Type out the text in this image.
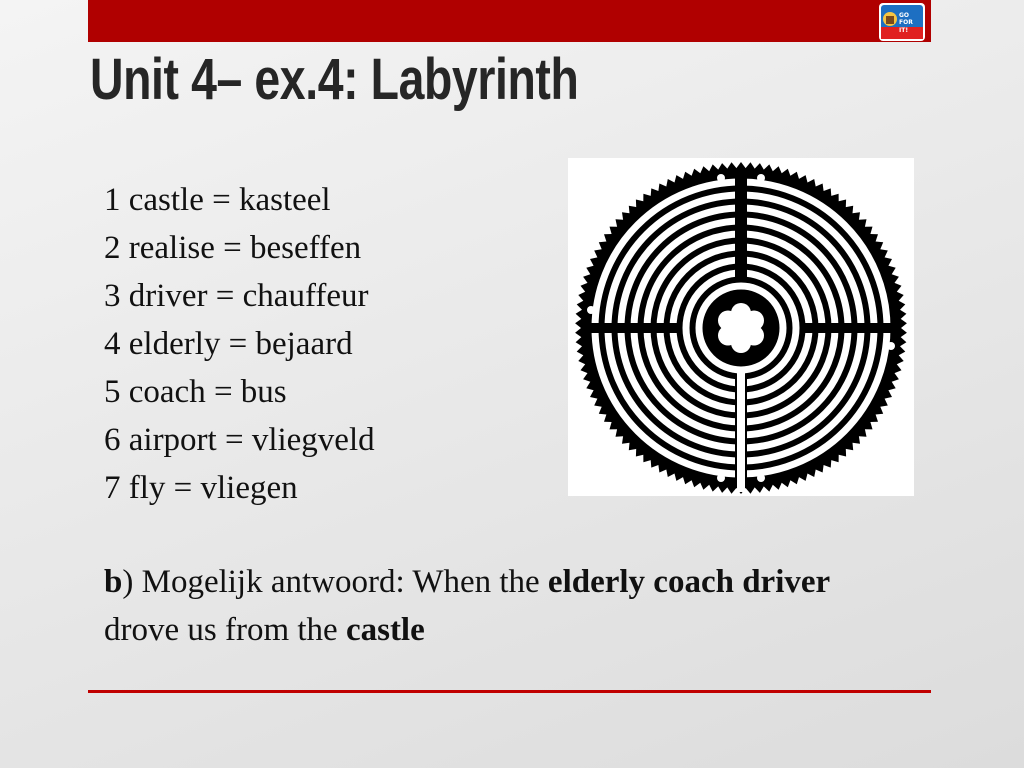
GO
FOR
IT!
Unit 4– ex.4: Labyrinth
1 castle = kasteel
2 realise = beseffen
3 driver = chauffeur
4 elderly = bejaard
5 coach = bus
6 airport = vliegveld
7 fly = vliegen
b) Mogelijk antwoord: When the elderly coach driver drove us from the castle
